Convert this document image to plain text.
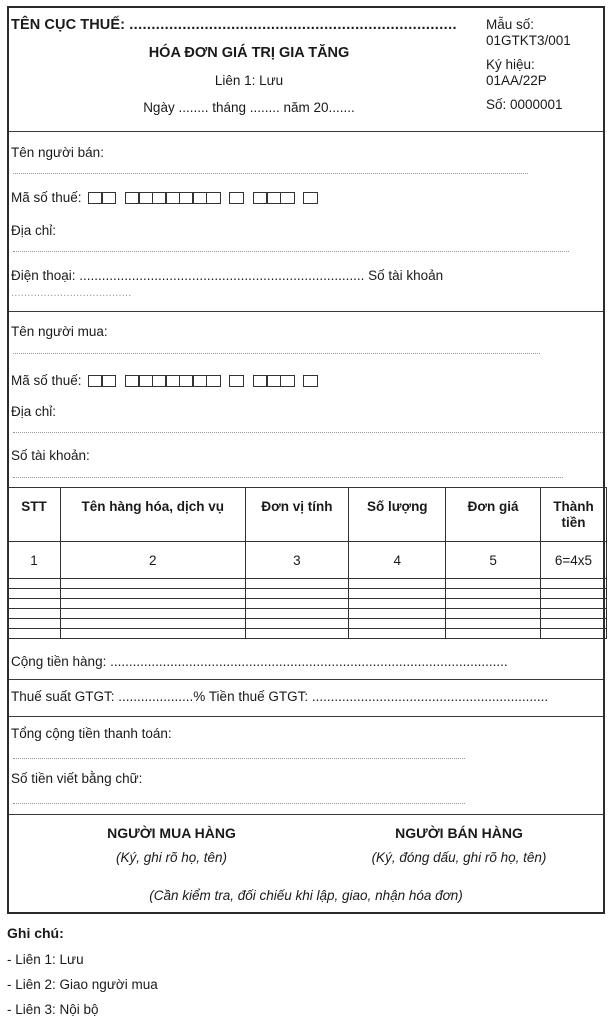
TÊN CỤC THUẾ: ..........................................................................
HÓA ĐƠN GIÁ TRỊ GIA TĂNG
Liên 1: Lưu
Ngày ........ tháng ........ năm 20.......
Mẫu số:
01GTKT3/001
Ký hiệu:
01AA/22P
Số: 0000001
Tên người bán:
Mã số thuế:
Địa chỉ:
Điện thoại: ............................................................................ Số tài khoản
.....................................
Tên người mua:
Mã số thuế:
Địa chỉ:
Số tài khoản:
STT	Tên hàng hóa, dịch vụ	Đơn vị tính	Số lượng	Đơn giá	Thành tiền
1	2	3	4	5	6=4x5

Cộng tiền hàng: ..........................................................................................................
Thuế suất GTGT: ....................% Tiền thuế GTGT: ...............................................................
Tổng cộng tiền thanh toán:
Số tiền viết bằng chữ:
NGƯỜI MUA HÀNG
(Ký, ghi rõ họ, tên)
NGƯỜI BÁN HÀNG
(Ký, đóng dấu, ghi rõ họ, tên)
(Cần kiểm tra, đối chiếu khi lập, giao, nhận hóa đơn)
Ghi chú:
- Liên 1: Lưu
- Liên 2: Giao người mua
- Liên 3: Nội bộ
